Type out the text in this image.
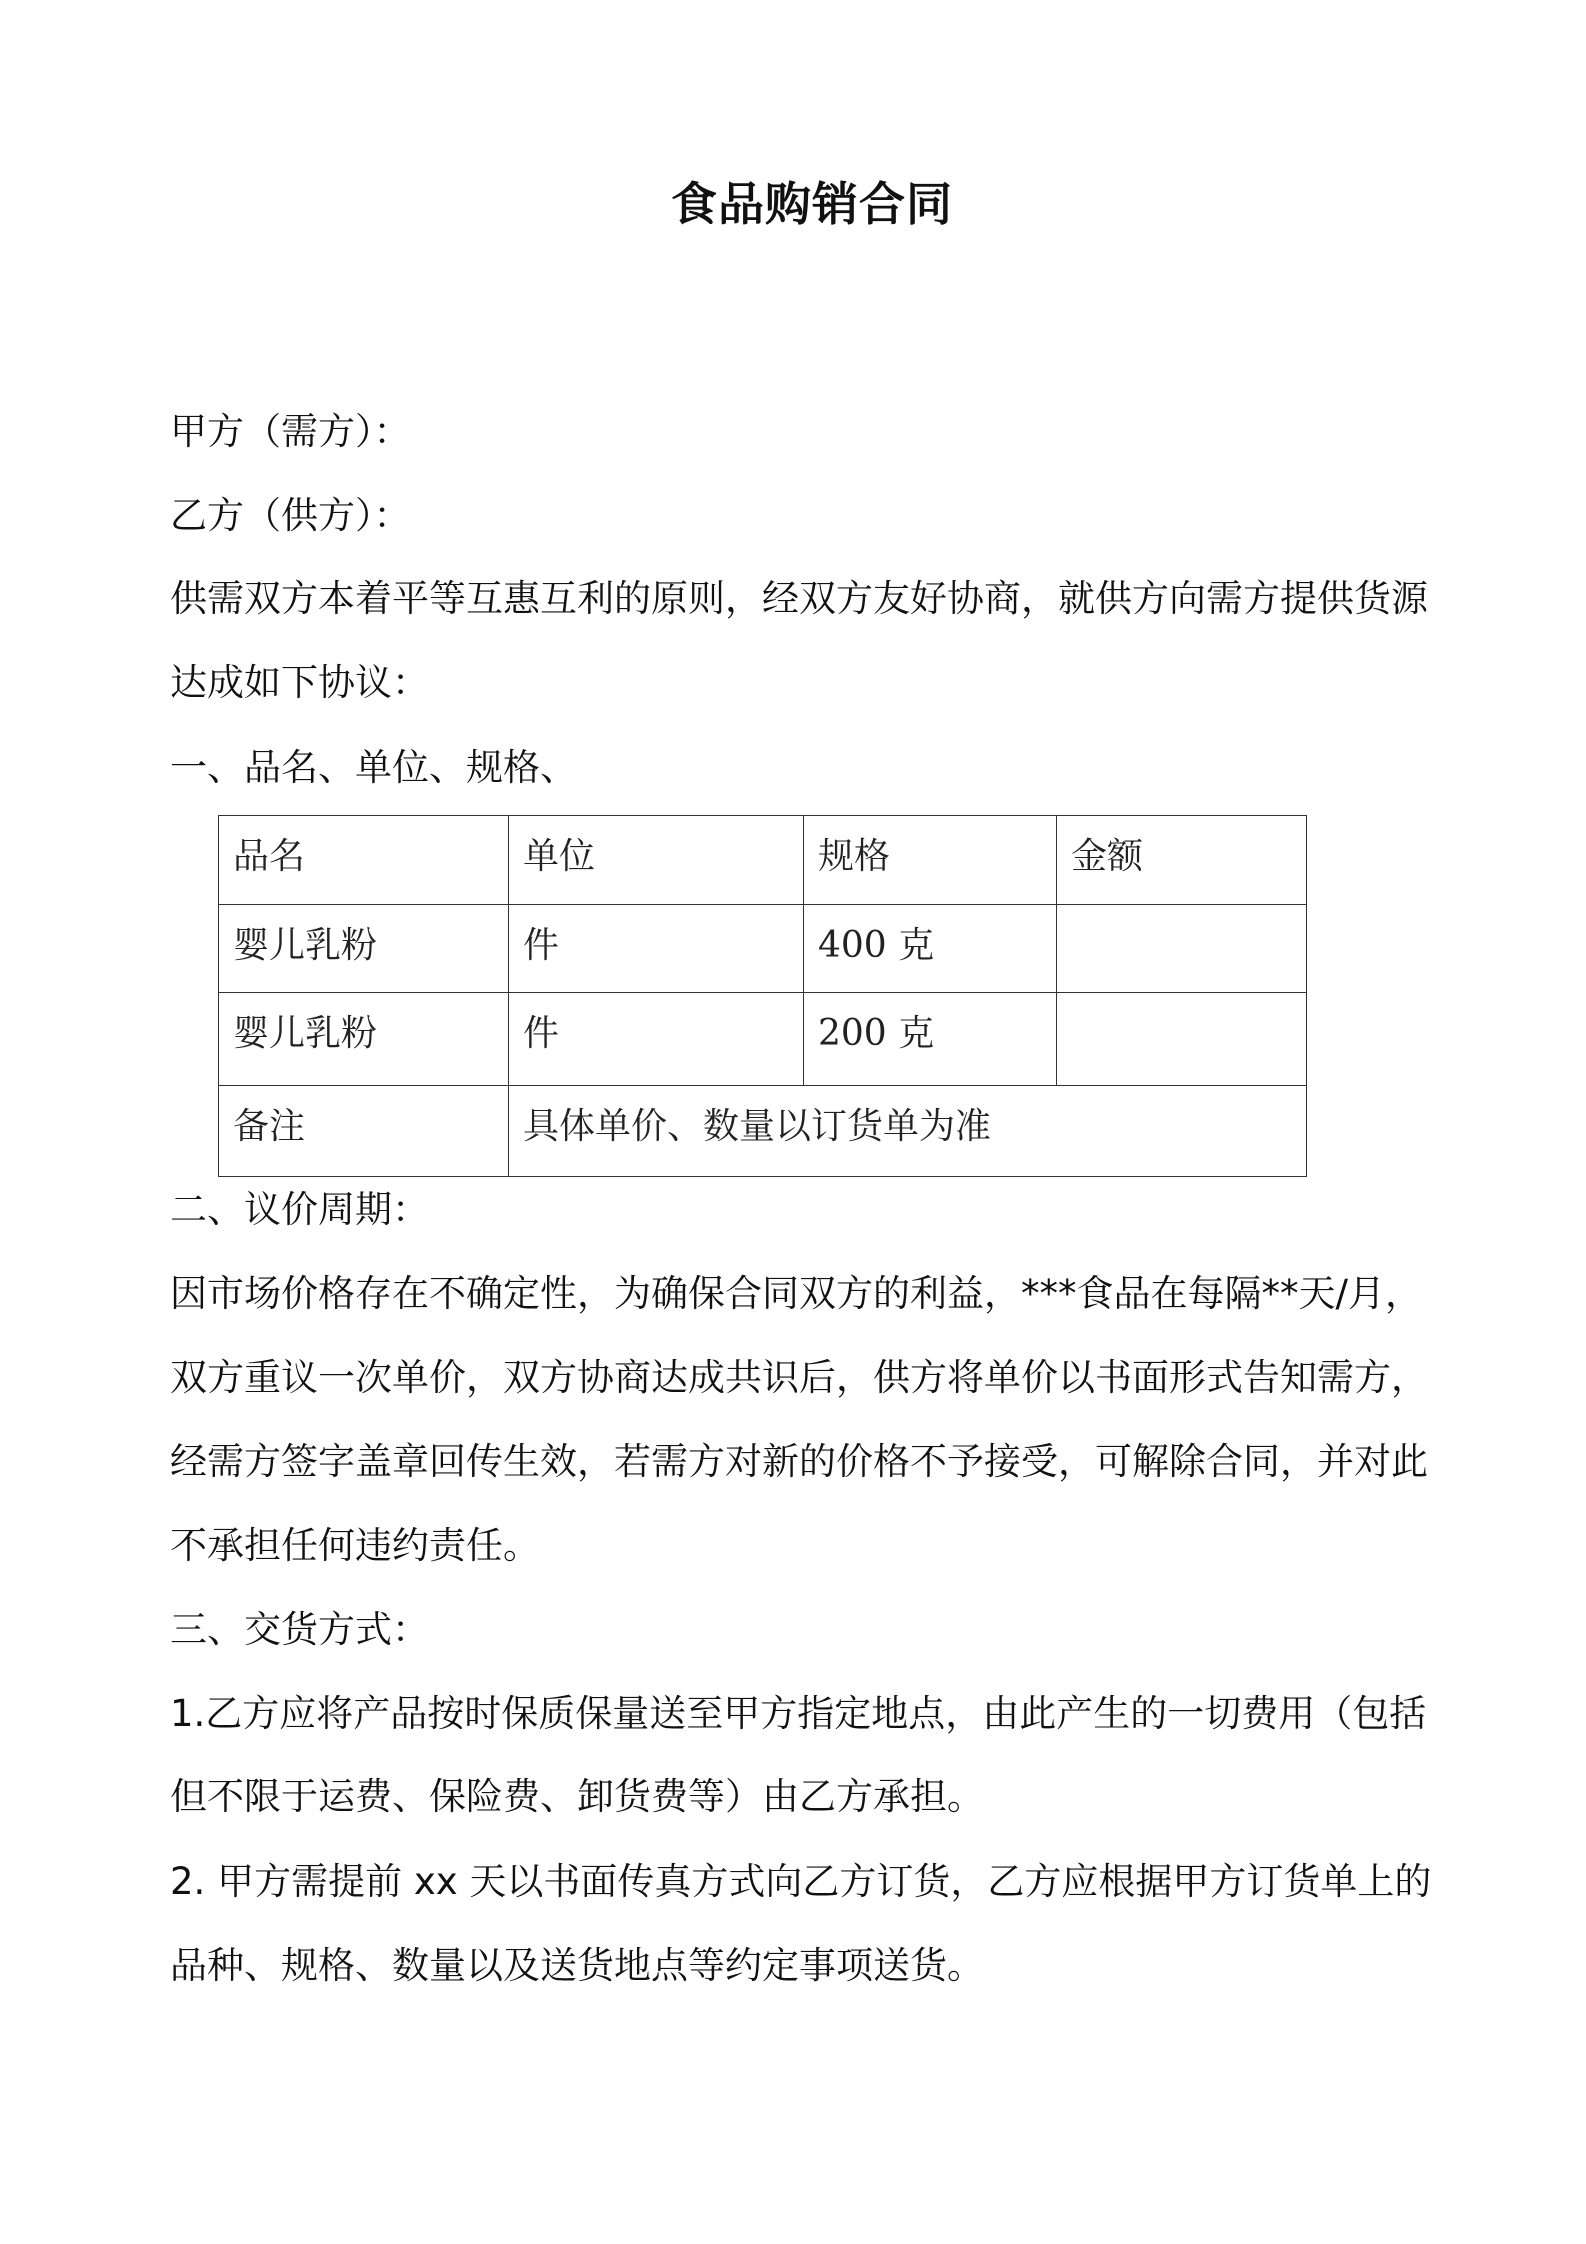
食品购销合同

甲方（需方）：

乙方（供方）：

供需双方本着平等互惠互利的原则，经双方友好协商，就供方向需方提供货源

达成如下协议：

一、品名、单位、规格、

品名	单位	规格	金额
婴儿乳粉	件	400 克	
婴儿乳粉	件	200 克	
备注	具体单价、数量以订货单为准		

二、议价周期：

因市场价格存在不确定性，为确保合同双方的利益，***食品在每隔**天/月，

双方重议一次单价，双方协商达成共识后，供方将单价以书面形式告知需方，

经需方签字盖章回传生效，若需方对新的价格不予接受，可解除合同，并对此

不承担任何违约责任。

三、交货方式：

1.乙方应将产品按时保质保量送至甲方指定地点，由此产生的一切费用（包括

但不限于运费、保险费、卸货费等）由乙方承担。

2. 甲方需提前 xx 天以书面传真方式向乙方订货，乙方应根据甲方订货单上的

品种、规格、数量以及送货地点等约定事项送货。
